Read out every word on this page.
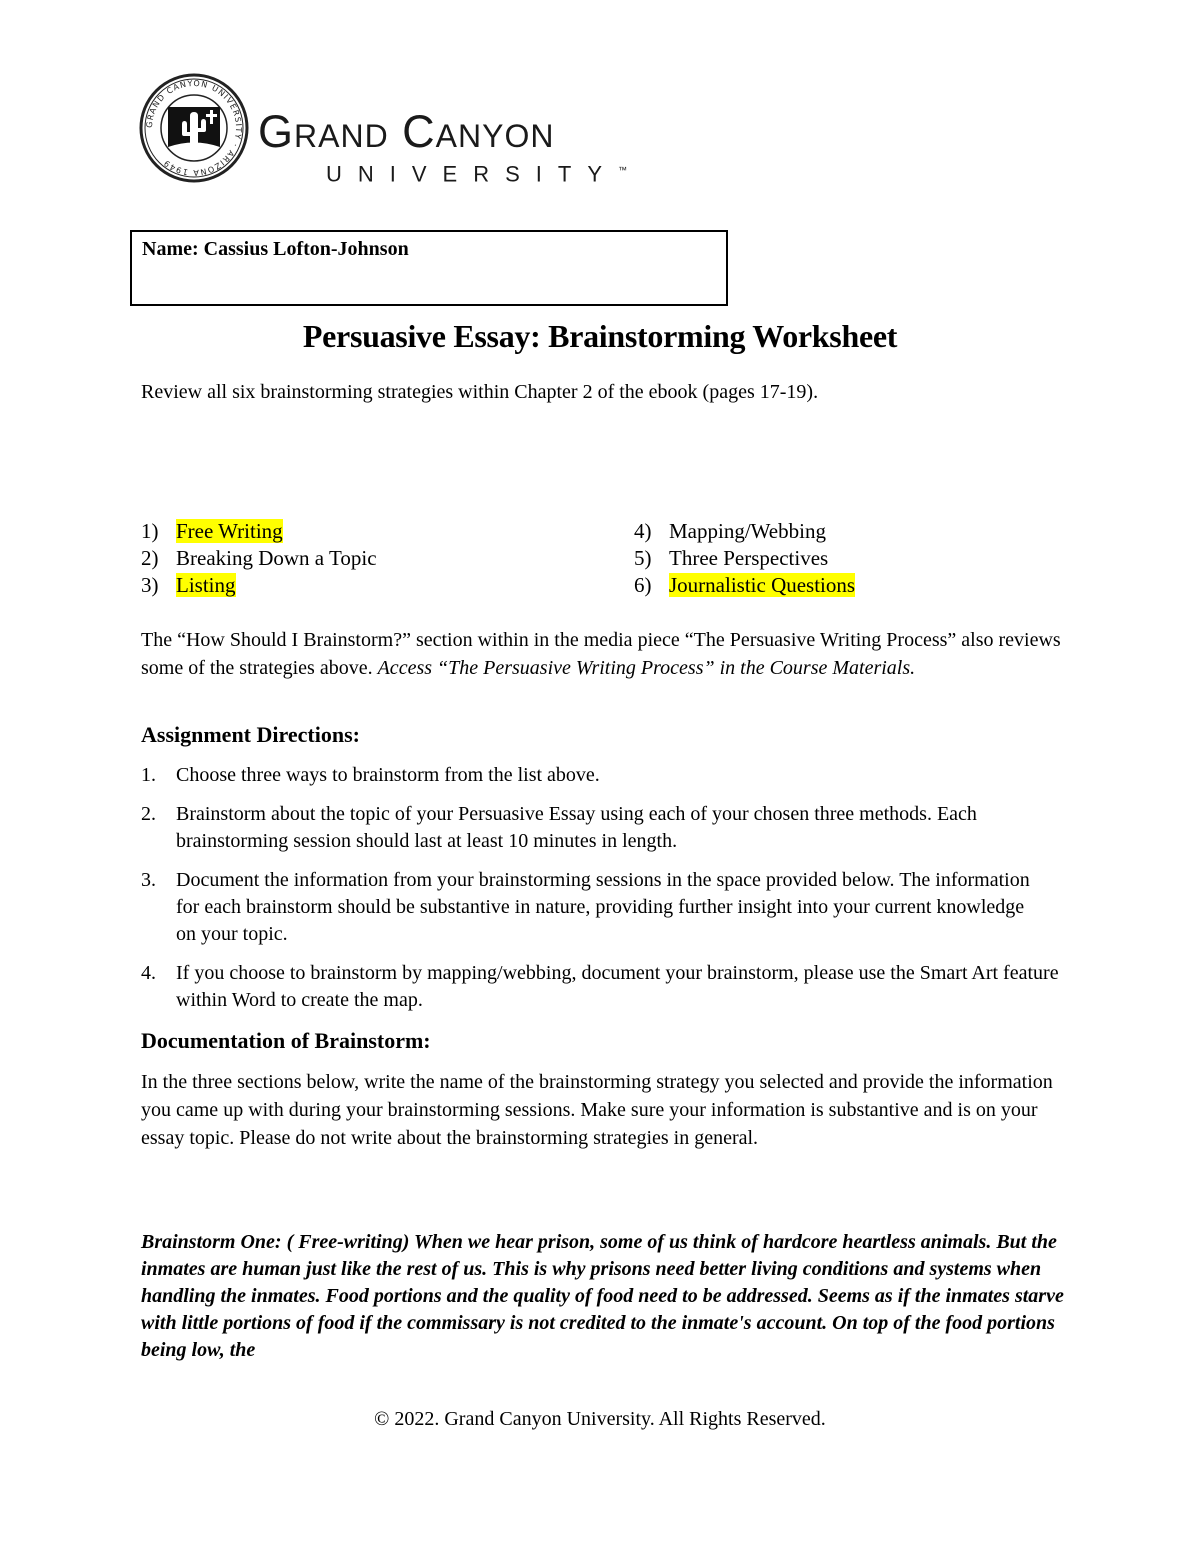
GRAND CANYON UNIVERSITY · ARIZONA 1949
Grand Canyon
UNIVERSITY™
Name: Cassius Lofton-Johnson
Persuasive Essay: Brainstorming Worksheet
Review all six brainstorming strategies within Chapter 2 of the ebook (pages 17-19).
1) Free Writing
2) Breaking Down a Topic
3) Listing
4) Mapping/Webbing
5) Three Perspectives
6) Journalistic Questions
The “How Should I Brainstorm?” section within in the media piece “The Persuasive Writing Process” also reviews some of the strategies above. Access “The Persuasive Writing Process” in the Course Materials.
Assignment Directions:
1. Choose three ways to brainstorm from the list above.
2. Brainstorm about the topic of your Persuasive Essay using each of your chosen three methods. Each brainstorming session should last at least 10 minutes in length.
3. Document the information from your brainstorming sessions in the space provided below. The information for each brainstorm should be substantive in nature, providing further insight into your current knowledge on your topic.
4. If you choose to brainstorm by mapping/webbing, document your brainstorm, please use the Smart Art feature within Word to create the map.
Documentation of Brainstorm:
In the three sections below, write the name of the brainstorming strategy you selected and provide the information you came up with during your brainstorming sessions. Make sure your information is substantive and is on your essay topic. Please do not write about the brainstorming strategies in general.
Brainstorm One: ( Free-writing) When we hear prison, some of us think of hardcore heartless animals. But the inmates are human just like the rest of us. This is why prisons need better living conditions and systems when handling the inmates. Food portions and the quality of food need to be addressed. Seems as if the inmates starve with little portions of food if the commissary is not credited to the inmate's account. On top of the food portions being low, the
© 2022. Grand Canyon University. All Rights Reserved.
